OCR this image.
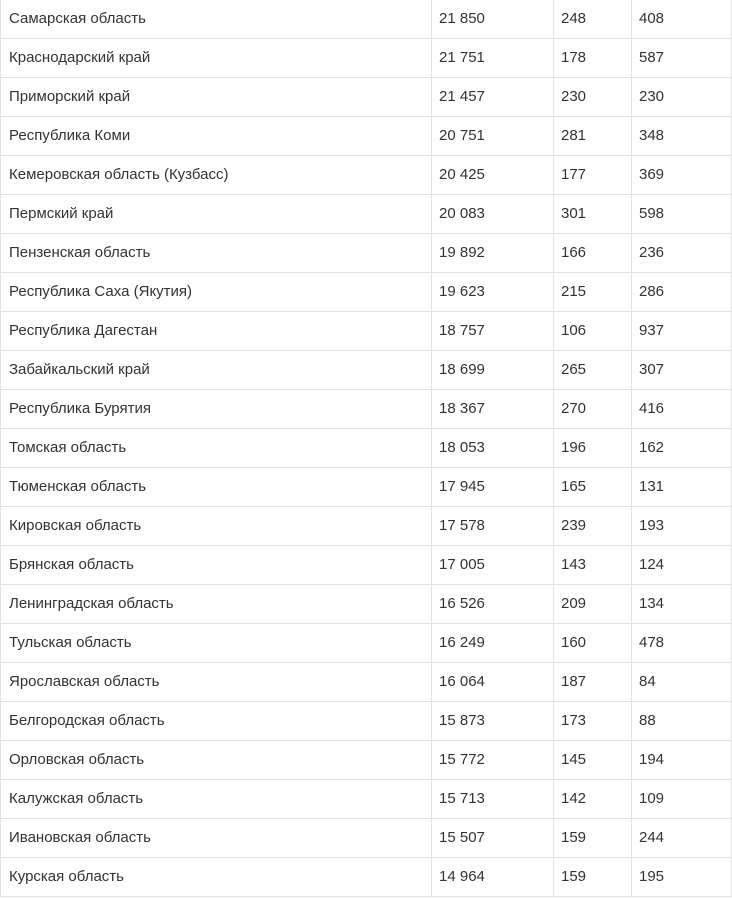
Самарская область	21 850	248	408
Краснодарский край	21 751	178	587
Приморский край	21 457	230	230
Республика Коми	20 751	281	348
Кемеровская область (Кузбасс)	20 425	177	369
Пермский край	20 083	301	598
Пензенская область	19 892	166	236
Республика Саха (Якутия)	19 623	215	286
Республика Дагестан	18 757	106	937
Забайкальский край	18 699	265	307
Республика Бурятия	18 367	270	416
Томская область	18 053	196	162
Тюменская область	17 945	165	131
Кировская область	17 578	239	193
Брянская область	17 005	143	124
Ленинградская область	16 526	209	134
Тульская область	16 249	160	478
Ярославская область	16 064	187	84
Белгородская область	15 873	173	88
Орловская область	15 772	145	194
Калужская область	15 713	142	109
Ивановская область	15 507	159	244
Курская область	14 964	159	195
